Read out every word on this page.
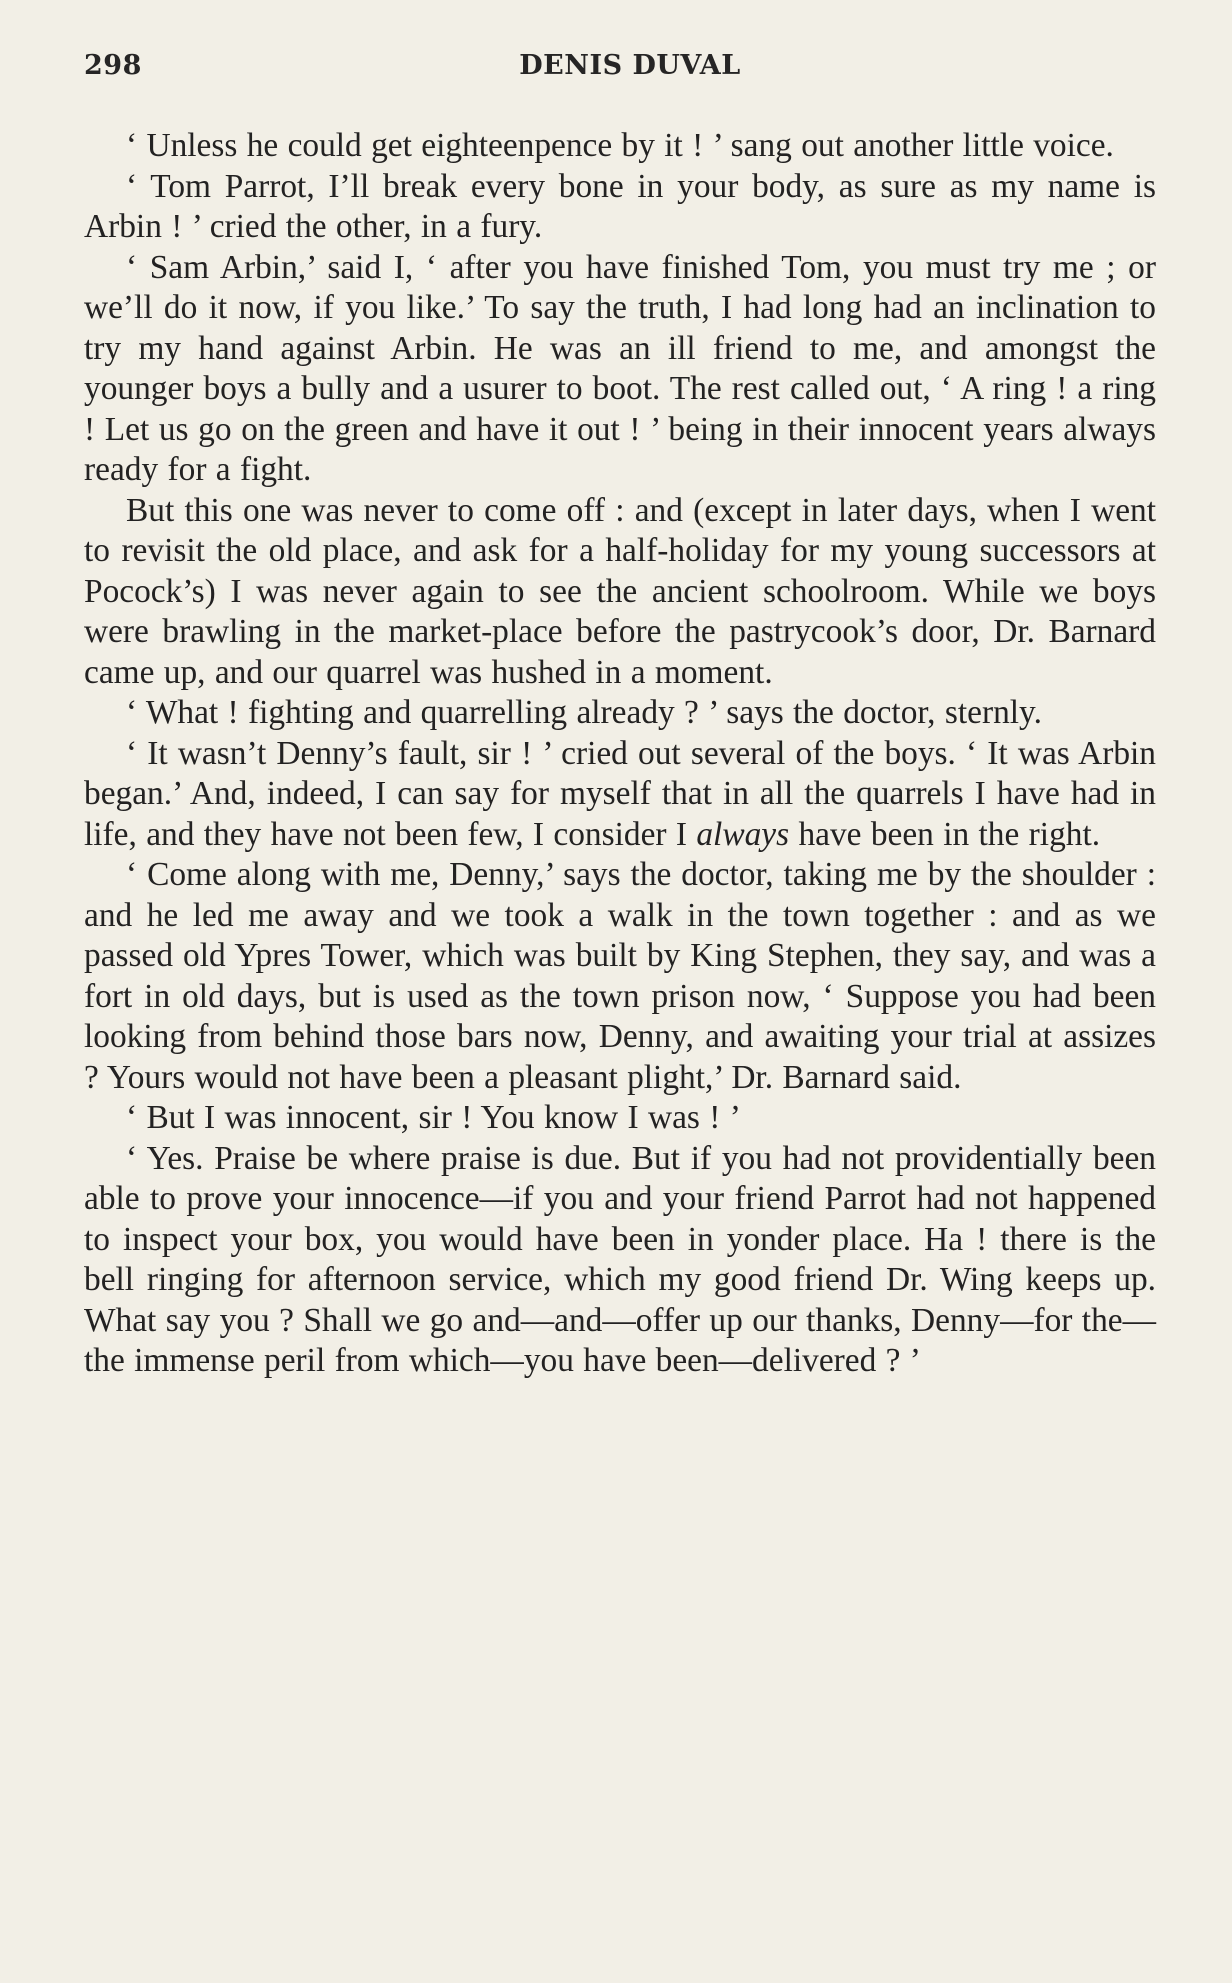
298	DENIS DUVAL

‘ Unless he could get eighteenpence by it ! ’ sang out another little voice.

‘ Tom Parrot, I’ll break every bone in your body, as sure as my name is Arbin ! ’ cried the other, in a fury.

‘ Sam Arbin,’ said I, ‘ after you have finished Tom, you must try me ; or we’ll do it now, if you like.’ To say the truth, I had long had an inclination to try my hand against Arbin. He was an ill friend to me, and amongst the younger boys a bully and a usurer to boot. The rest called out, ‘ A ring ! a ring ! Let us go on the green and have it out ! ’ being in their innocent years always ready for a fight.

But this one was never to come off : and (except in later days, when I went to revisit the old place, and ask for a half-holiday for my young successors at Pocock’s) I was never again to see the ancient schoolroom. While we boys were brawling in the market-place before the pastrycook’s door, Dr. Barnard came up, and our quarrel was hushed in a moment.

‘ What ! fighting and quarrelling already ? ’ says the doctor, sternly.

‘ It wasn’t Denny’s fault, sir ! ’ cried out several of the boys. ‘ It was Arbin began.’ And, indeed, I can say for myself that in all the quarrels I have had in life, and they have not been few, I consider I always have been in the right.

‘ Come along with me, Denny,’ says the doctor, taking me by the shoulder : and he led me away and we took a walk in the town together : and as we passed old Ypres Tower, which was built by King Stephen, they say, and was a fort in old days, but is used as the town prison now, ‘ Suppose you had been looking from behind those bars now, Denny, and awaiting your trial at assizes ? Yours would not have been a pleasant plight,’ Dr. Barnard said.

‘ But I was innocent, sir ! You know I was ! ’

‘ Yes. Praise be where praise is due. But if you had not providentially been able to prove your innocence—if you and your friend Parrot had not happened to inspect your box, you would have been in yonder place. Ha ! there is the bell ringing for afternoon service, which my good friend Dr. Wing keeps up. What say you ? Shall we go and—and—offer up our thanks, Denny—for the—the immense peril from which—you have been—delivered ? ’
